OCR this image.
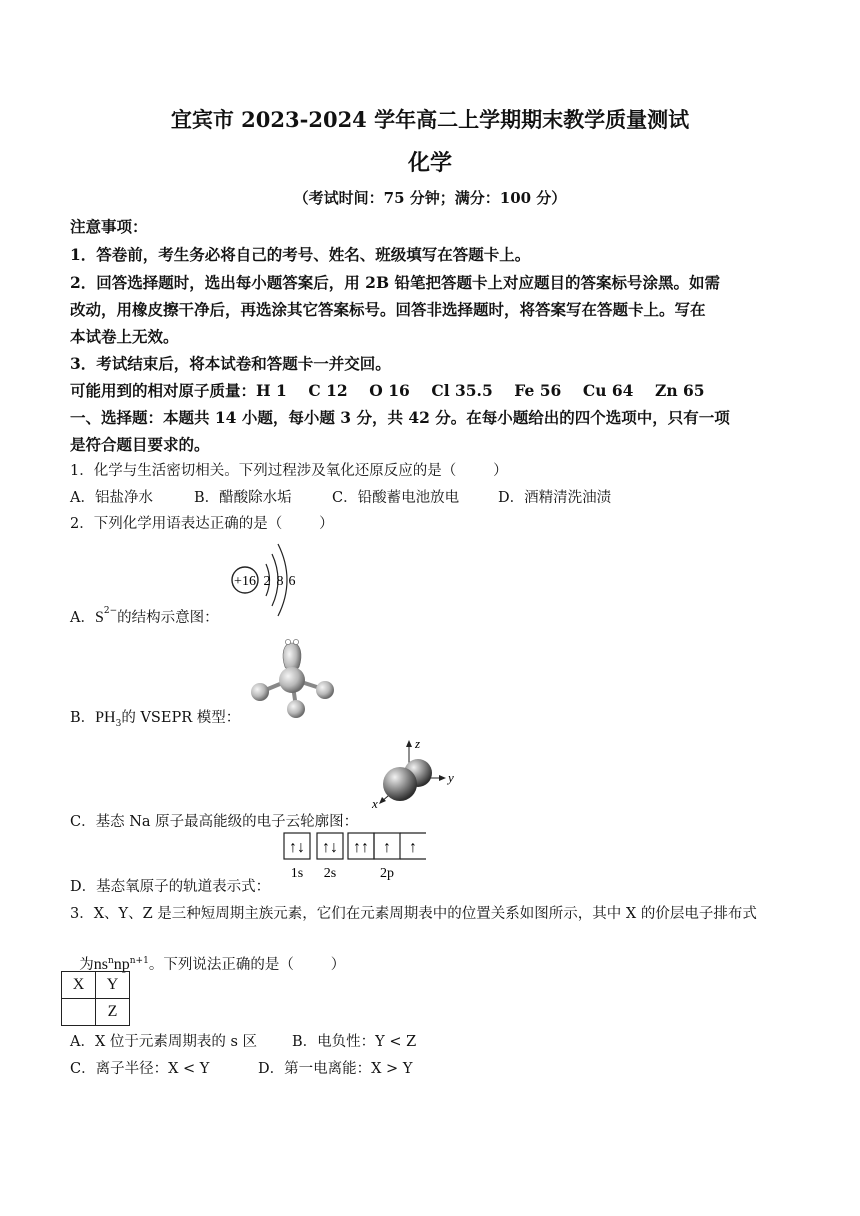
宜宾市 2023-2024 学年高二上学期期末教学质量测试
化学
（考试时间：75 分钟；满分：100 分）
注意事项：
1．答卷前，考生务必将自己的考号、姓名、班级填写在答题卡上。
2．回答选择题时，选出每小题答案后，用 2B 铅笔把答题卡上对应题目的答案标号涂黑。如需
改动，用橡皮擦干净后，再选涂其它答案标号。回答非选择题时，将答案写在答题卡上。写在
本试卷上无效。
3．考试结束后，将本试卷和答题卡一并交回。
可能用到的相对原子质量：H 1    C 12    O 16    Cl 35.5    Fe 56    Cu 64    Zn 65
一、选择题：本题共 14 小题，每小题 3 分，共 42 分。在每小题给出的四个选项中，只有一项
是符合题目要求的。
1．化学与生活密切相关。下列过程涉及氧化还原反应的是（        ）
A．铝盐净水	B．醋酸除水垢	C．铅酸蓄电池放电	D．酒精清洗油渍
2．下列化学用语表达正确的是（        ）
+16 2 8 6
A．$S^{2-}$的结构示意图：
B．$PH_3$的 VSEPR 模型：
z
y
x
C．基态 Na 原子最高能级的电子云轮廓图：
↑↓ ↑↓ ↑↑ ↑ ↑
1s 2s	2p
D．基态氧原子的轨道表示式：
3．X、Y、Z 是三种短周期主族元素，它们在元素周期表中的位置关系如图所示，其中 X 的价层电子排布式

为$ns^nnp^{n+1}$。下列说法正确的是（        ）

X	Y
	Z
A．X 位于元素周期表的 s 区 B．电负性：Y < Z
C．离子半径：X < Y	D．第一电离能：X > Y
